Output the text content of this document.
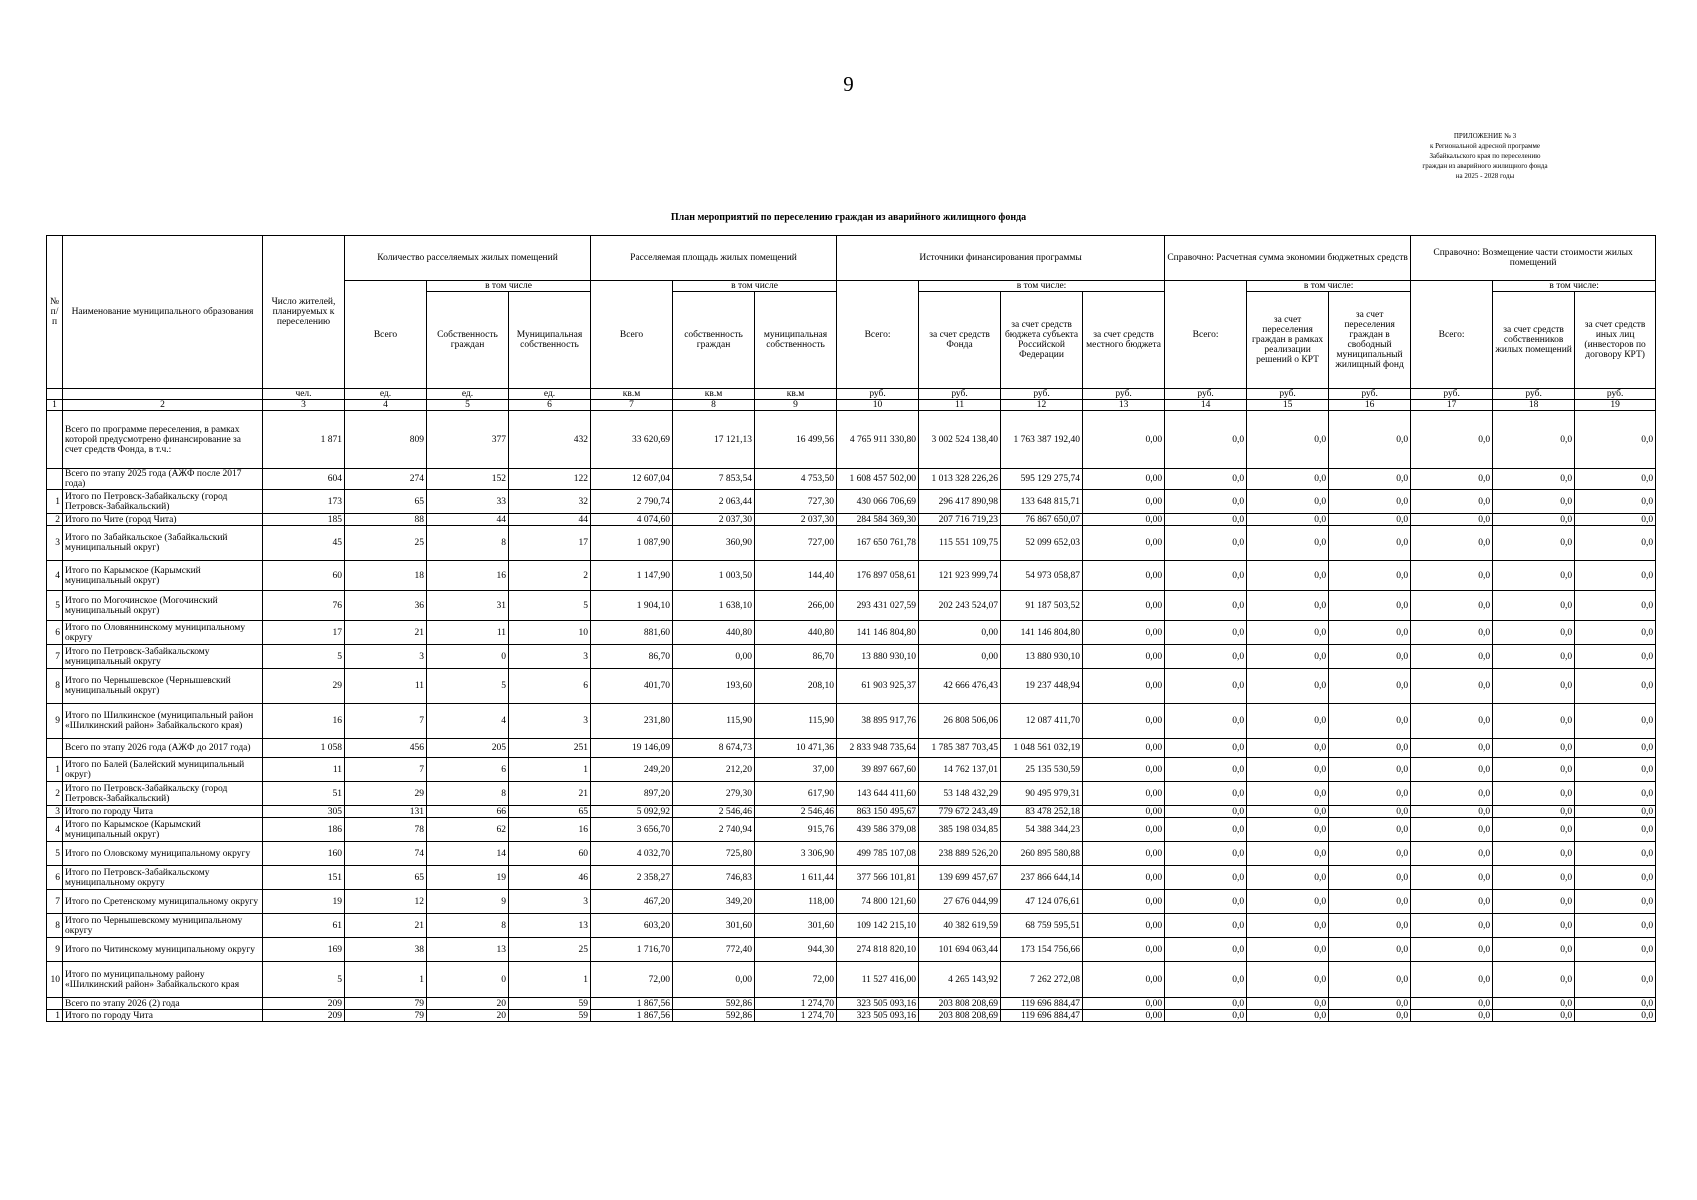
9
ПРИЛОЖЕНИЕ № 3
к Региональной адресной программе
Забайкальского края по переселению
граждан из аварийного жилищного фонда
на 2025 - 2028 годы
План мероприятий по переселению граждан из аварийного жилищного фонда
№ п/п	Наименование муниципального образования	Число жителей, планируемых к переселению	Количество расселяемых жилых помещений			Расселяемая площадь жилых помещений			Источники финансирования программы				Справочно: Расчетная сумма экономии бюджетных средств			Справочно: Возмещение части стоимости жилых помещений		
			Всего	в том числе		Всего	в том числе		Всего:	в том числе:			Всего:	в том числе:		Всего:	в том числе:	
				Собственность граждан	Муниципальная собственность		собственность граждан	муниципальная собственность		за счет средств Фонда	за счет средств бюджета субъекта Российской Федерации	за счет средств местного бюджета		за счет переселения граждан в рамках реализации решений о КРТ	за счет переселения граждан в свободный муниципальный жилищный фонд		за счет средств собственников жилых помещений	за счет средств иных лиц (инвесторов по договору КРТ)
		чел.	ед.	ед.	ед.	кв.м	кв.м	кв.м	руб.	руб.	руб.	руб.	руб.	руб.	руб.	руб.	руб.	руб.
1	2	3	4	5	6	7	8	9	10	11	12	13	14	15	16	17	18	19
	Всего по программе переселения, в рамках которой предусмотрено финансирование за счет средств Фонда, в т.ч.:	1 871	809	377	432	33 620,69	17 121,13	16 499,56	4 765 911 330,80	3 002 524 138,40	1 763 387 192,40	0,00	0,0	0,0	0,0	0,0	0,0	0,0
	Всего по этапу 2025 года (АЖФ после 2017 года)	604	274	152	122	12 607,04	7 853,54	4 753,50	1 608 457 502,00	1 013 328 226,26	595 129 275,74	0,00	0,0	0,0	0,0	0,0	0,0	0,0
1	Итого по Петровск-Забайкальску (город Петровск-Забайкальский)	173	65	33	32	2 790,74	2 063,44	727,30	430 066 706,69	296 417 890,98	133 648 815,71	0,00	0,0	0,0	0,0	0,0	0,0	0,0
2	Итого по Чите (город Чита)	185	88	44	44	4 074,60	2 037,30	2 037,30	284 584 369,30	207 716 719,23	76 867 650,07	0,00	0,0	0,0	0,0	0,0	0,0	0,0
3	Итого по Забайкальское (Забайкальский муниципальный округ)	45	25	8	17	1 087,90	360,90	727,00	167 650 761,78	115 551 109,75	52 099 652,03	0,00	0,0	0,0	0,0	0,0	0,0	0,0
4	Итого по Карымское (Карымский муниципальный округ)	60	18	16	2	1 147,90	1 003,50	144,40	176 897 058,61	121 923 999,74	54 973 058,87	0,00	0,0	0,0	0,0	0,0	0,0	0,0
5	Итого по Могочинское (Могочинский муниципальный округ)	76	36	31	5	1 904,10	1 638,10	266,00	293 431 027,59	202 243 524,07	91 187 503,52	0,00	0,0	0,0	0,0	0,0	0,0	0,0
6	Итого по Оловяннинскому муниципальному округу	17	21	11	10	881,60	440,80	440,80	141 146 804,80	0,00	141 146 804,80	0,00	0,0	0,0	0,0	0,0	0,0	0,0
7	Итого по Петровск-Забайкальскому муниципальный округу	5	3	0	3	86,70	0,00	86,70	13 880 930,10	0,00	13 880 930,10	0,00	0,0	0,0	0,0	0,0	0,0	0,0
8	Итого по Чернышевское (Чернышевский муниципальный округ)	29	11	5	6	401,70	193,60	208,10	61 903 925,37	42 666 476,43	19 237 448,94	0,00	0,0	0,0	0,0	0,0	0,0	0,0
9	Итого по Шилкинское (муниципальный район «Шилкинский район» Забайкальского края)	16	7	4	3	231,80	115,90	115,90	38 895 917,76	26 808 506,06	12 087 411,70	0,00	0,0	0,0	0,0	0,0	0,0	0,0
	Всего по этапу 2026 года (АЖФ до 2017 года)	1 058	456	205	251	19 146,09	8 674,73	10 471,36	2 833 948 735,64	1 785 387 703,45	1 048 561 032,19	0,00	0,0	0,0	0,0	0,0	0,0	0,0
1	Итого по Балей (Балейский муниципальный округ)	11	7	6	1	249,20	212,20	37,00	39 897 667,60	14 762 137,01	25 135 530,59	0,00	0,0	0,0	0,0	0,0	0,0	0,0
2	Итого по Петровск-Забайкальску (город Петровск-Забайкальский)	51	29	8	21	897,20	279,30	617,90	143 644 411,60	53 148 432,29	90 495 979,31	0,00	0,0	0,0	0,0	0,0	0,0	0,0
3	Итого по городу Чита	305	131	66	65	5 092,92	2 546,46	2 546,46	863 150 495,67	779 672 243,49	83 478 252,18	0,00	0,0	0,0	0,0	0,0	0,0	0,0
4	Итого по Карымское (Карымский муниципальный округ)	186	78	62	16	3 656,70	2 740,94	915,76	439 586 379,08	385 198 034,85	54 388 344,23	0,00	0,0	0,0	0,0	0,0	0,0	0,0
5	Итого по Оловскому муниципальному округу	160	74	14	60	4 032,70	725,80	3 306,90	499 785 107,08	238 889 526,20	260 895 580,88	0,00	0,0	0,0	0,0	0,0	0,0	0,0
6	Итого по Петровск-Забайкальскому муниципальному округу	151	65	19	46	2 358,27	746,83	1 611,44	377 566 101,81	139 699 457,67	237 866 644,14	0,00	0,0	0,0	0,0	0,0	0,0	0,0
7	Итого по Сретенскому муниципальному округу	19	12	9	3	467,20	349,20	118,00	74 800 121,60	27 676 044,99	47 124 076,61	0,00	0,0	0,0	0,0	0,0	0,0	0,0
8	Итого по Чернышевскому муниципальному округу	61	21	8	13	603,20	301,60	301,60	109 142 215,10	40 382 619,59	68 759 595,51	0,00	0,0	0,0	0,0	0,0	0,0	0,0
9	Итого по Читинскому муниципальному округу	169	38	13	25	1 716,70	772,40	944,30	274 818 820,10	101 694 063,44	173 154 756,66	0,00	0,0	0,0	0,0	0,0	0,0	0,0
10	Итого по муниципальному району «Шилкинский район» Забайкальского края	5	1	0	1	72,00	0,00	72,00	11 527 416,00	4 265 143,92	7 262 272,08	0,00	0,0	0,0	0,0	0,0	0,0	0,0
	Всего по этапу 2026 (2) года	209	79	20	59	1 867,56	592,86	1 274,70	323 505 093,16	203 808 208,69	119 696 884,47	0,00	0,0	0,0	0,0	0,0	0,0	0,0
1	Итого по городу Чита	209	79	20	59	1 867,56	592,86	1 274,70	323 505 093,16	203 808 208,69	119 696 884,47	0,00	0,0	0,0	0,0	0,0	0,0	0,0
